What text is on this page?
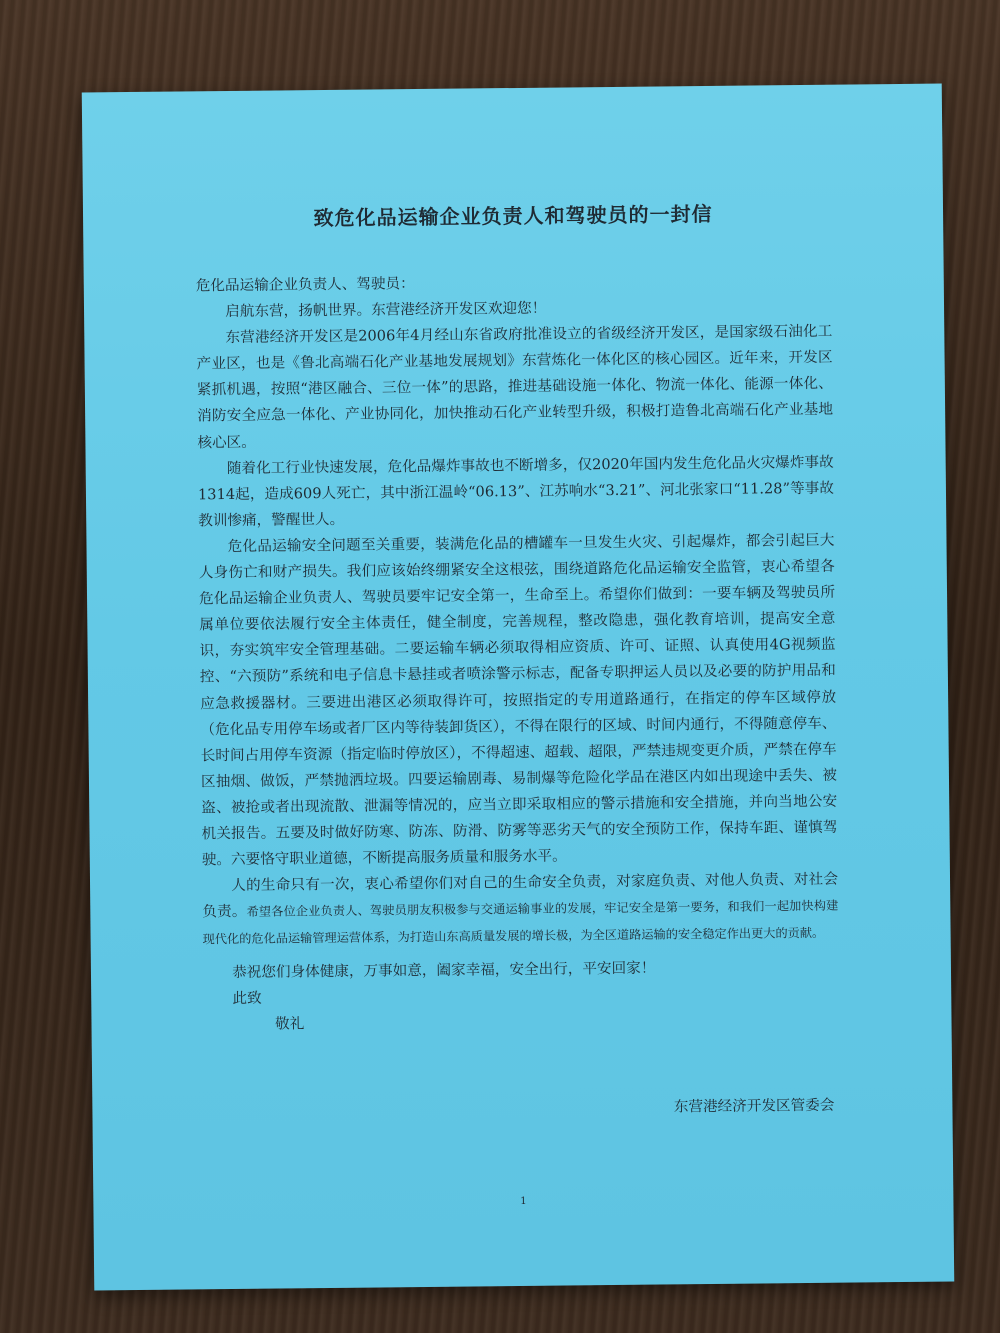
致危化品运输企业负责人和驾驶员的一封信

危化品运输企业负责人、驾驶员：

启航东营，扬帆世界。东营港经济开发区欢迎您！

东营港经济开发区是2006年4月经山东省政府批准设立的省级经济开发区，是国家级石油化工产业区，也是《鲁北高端石化产业基地发展规划》东营炼化一体化区的核心园区。近年来，开发区紧抓机遇，按照“港区融合、三位一体”的思路，推进基础设施一体化、物流一体化、能源一体化、消防安全应急一体化、产业协同化，加快推动石化产业转型升级，积极打造鲁北高端石化产业基地核心区。

随着化工行业快速发展，危化品爆炸事故也不断增多，仅2020年国内发生危化品火灾爆炸事故1314起，造成609人死亡，其中浙江温岭“06.13”、江苏响水“3.21”、河北张家口“11.28”等事故教训惨痛，警醒世人。

危化品运输安全问题至关重要，装满危化品的槽罐车一旦发生火灾、引起爆炸，都会引起巨大人身伤亡和财产损失。我们应该始终绷紧安全这根弦，围绕道路危化品运输安全监管，衷心希望各危化品运输企业负责人、驾驶员要牢记安全第一，生命至上。希望你们做到：一要车辆及驾驶员所属单位要依法履行安全主体责任，健全制度，完善规程，整改隐患，强化教育培训，提高安全意识，夯实筑牢安全管理基础。二要运输车辆必须取得相应资质、许可、证照、认真使用4G视频监控、“六预防”系统和电子信息卡悬挂或者喷涂警示标志，配备专职押运人员以及必要的防护用品和应急救援器材。三要进出港区必须取得许可，按照指定的专用道路通行，在指定的停车区域停放（危化品专用停车场或者厂区内等待装卸货区），不得在限行的区域、时间内通行，不得随意停车、长时间占用停车资源（指定临时停放区），不得超速、超载、超限，严禁违规变更介质，严禁在停车区抽烟、做饭，严禁抛洒垃圾。四要运输剧毒、易制爆等危险化学品在港区内如出现途中丢失、被盗、被抢或者出现流散、泄漏等情况的，应当立即采取相应的警示措施和安全措施，并向当地公安机关报告。五要及时做好防寒、防冻、防滑、防雾等恶劣天气的安全预防工作，保持车距、谨慎驾驶。六要恪守职业道德，不断提高服务质量和服务水平。

人的生命只有一次，衷心希望你们对自己的生命安全负责，对家庭负责、对他人负责、对社会负责。希望各位企业负责人、驾驶员朋友积极参与交通运输事业的发展，牢记安全是第一要务，和我们一起加快构建现代化的危化品运输管理运营体系，为打造山东高质量发展的增长极，为全区道路运输的安全稳定作出更大的贡献。

恭祝您们身体健康，万事如意，阖家幸福，安全出行，平安回家！

此致

敬礼

东营港经济开发区管委会
1
